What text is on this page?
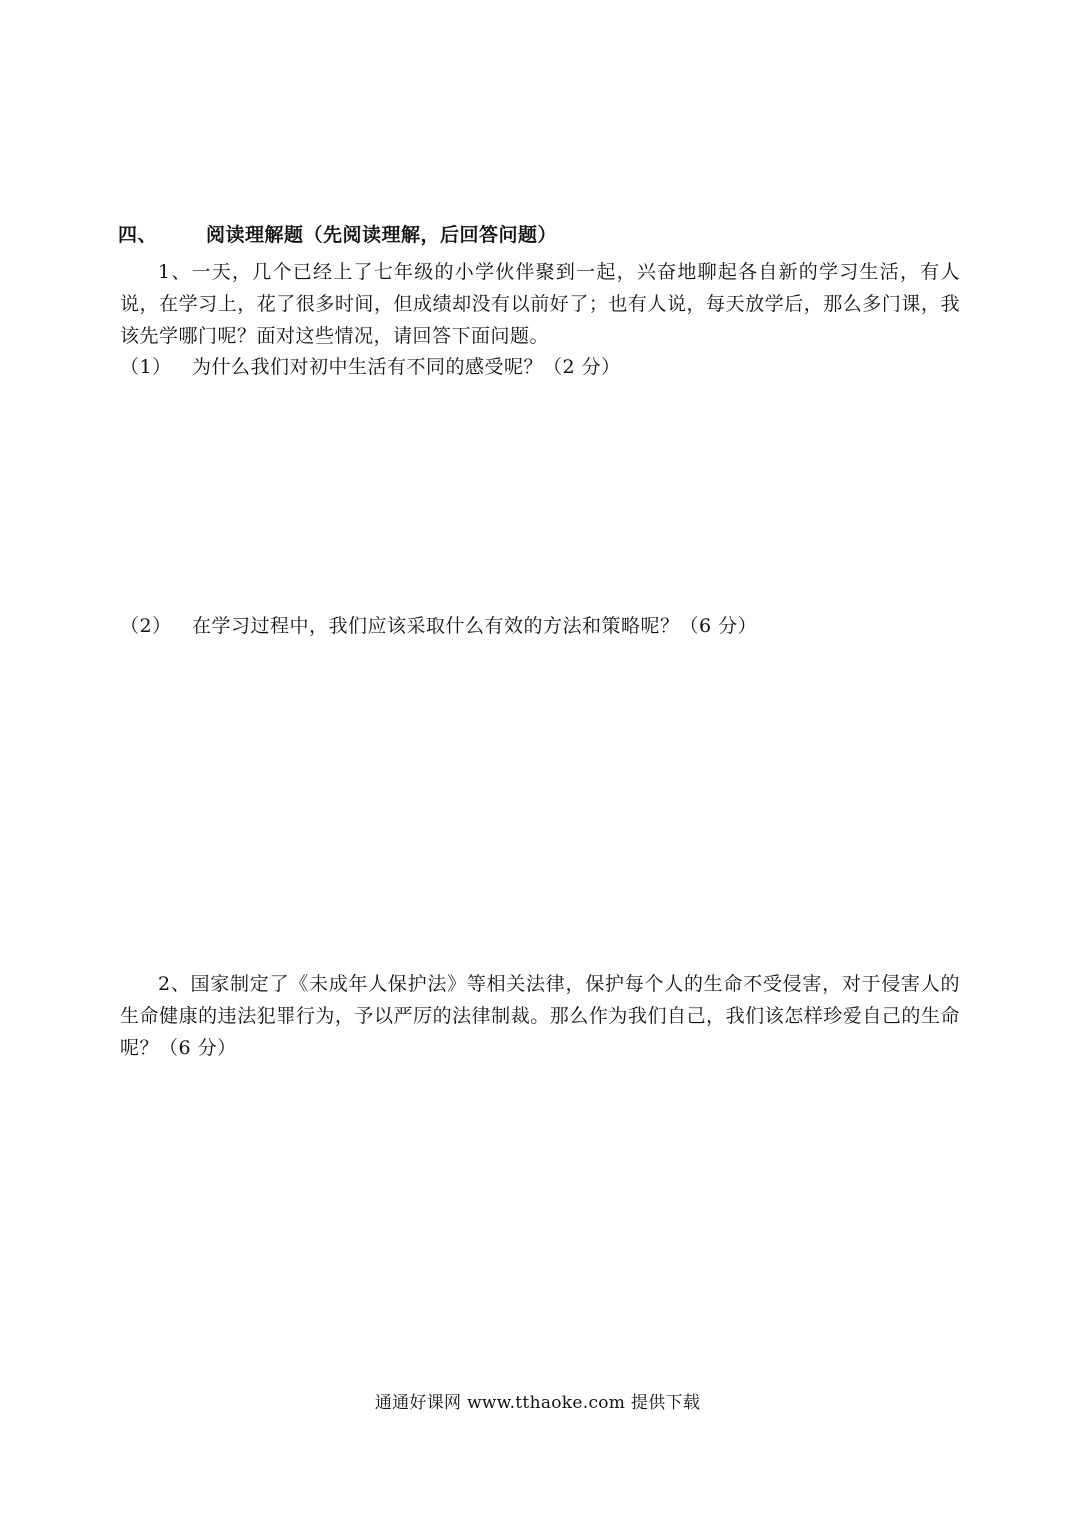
四、	阅读理解题（先阅读理解，后回答问题）
1、一天，几个已经上了七年级的小学伙伴聚到一起，兴奋地聊起各自新的学习生活，有人说，在学习上，花了很多时间，但成绩却没有以前好了；也有人说，每天放学后，那么多门课，我该先学哪门呢？面对这些情况，请回答下面问题。
（1） 为什么我们对初中生活有不同的感受呢？（2 分）
（2） 在学习过程中，我们应该采取什么有效的方法和策略呢？（6 分）
2、国家制定了《未成年人保护法》等相关法律，保护每个人的生命不受侵害，对于侵害人的生命健康的违法犯罪行为，予以严厉的法律制裁。那么作为我们自己，我们该怎样珍爱自己的生命呢？（6 分）
通通好课网 www.tthaoke.com 提供下载
